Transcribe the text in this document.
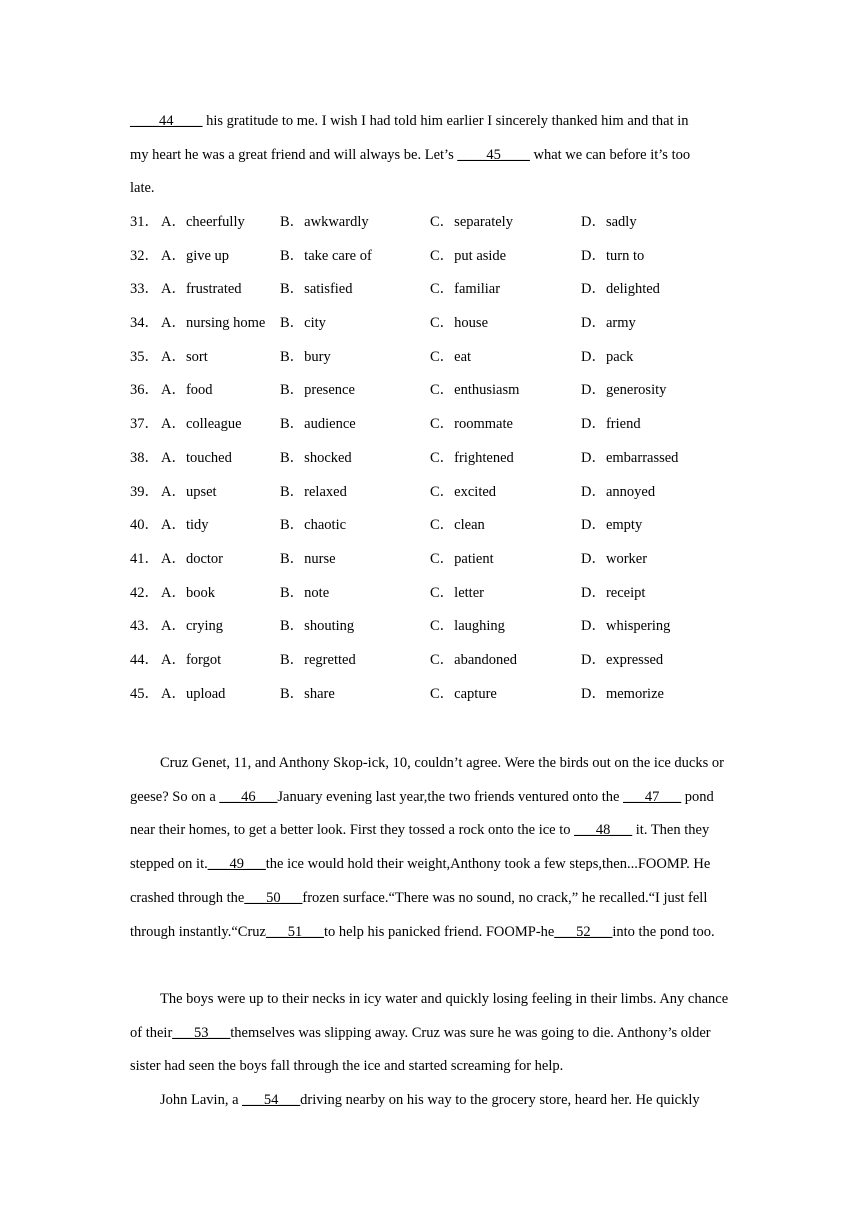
____44____ his gratitude to me. I wish I had told him earlier I sincerely thanked him and that in
my heart he was a great friend and will always be. Let’s ____45____ what we can before it’s too
late.
31． A．cheerfully B．awkwardly	C．separately	D．sadly
32． A．give up	B．take care of	C．put aside	D．turn to
33． A．frustrated	B．satisfied	C．familiar	D．delighted
34． A．nursing home B．city	C．house	D．army
35． A．sort	B．bury	C．eat	D．pack
36． A．food	B．presence	C．enthusiasm	D．generosity
37． A．colleague	B．audience	C．roommate	D．friend
38． A．touched	B．shocked	C．frightened	D．embarrassed
39． A．upset	B．relaxed	C．excited	D．annoyed
40． A．tidy	B．chaotic	C．clean	D．empty
41． A．doctor	B．nurse	C．patient	D．worker
42． A．book	B．note	C．letter	D．receipt
43． A．crying	B．shouting	C．laughing	D．whispering
44． A．forgot	B．regretted	C．abandoned	D．expressed
45． A．upload	B．share	C．capture	D．memorize
Cruz Genet, 11, and Anthony Skop-ick, 10, couldn’t agree. Were the birds out on the ice ducks or geese? So on a ___46___January evening last year,the two friends ventured onto the ___47___ pond near their homes, to get a better look. First they tossed a rock onto the ice to ___48___ it. Then they stepped on it.___49___the ice would hold their weight,Anthony took a few steps,then...FOOMP. He crashed through the___50___frozen surface.“There was no sound, no crack,” he recalled.“I just fell through instantly.“Cruz___51___to help his panicked friend. FOOMP-he___52___into the pond too.
The boys were up to their necks in icy water and quickly losing feeling in their limbs. Any chance of their___53___themselves was slipping away. Cruz was sure he was going to die. Anthony’s older sister had seen the boys fall through the ice and started screaming for help.
John Lavin, a ___54___driving nearby on his way to the grocery store, heard her. He quickly
